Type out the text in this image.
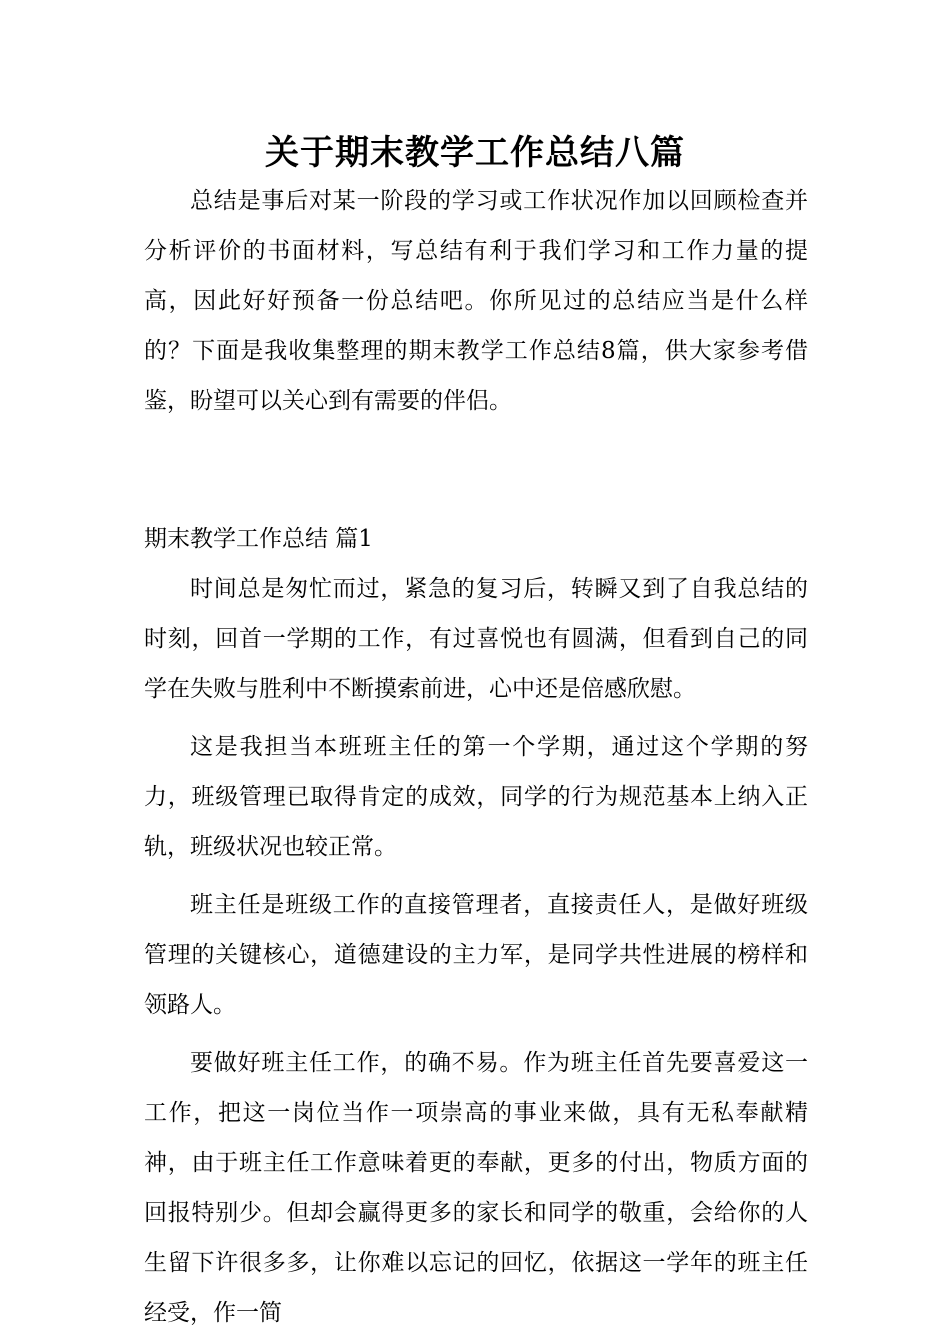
关于期末教学工作总结八篇

总结是事后对某一阶段的学习或工作状况作加以回顾检查并分析评价的书面材料，写总结有利于我们学习和工作力量的提高，因此好好预备一份总结吧。你所见过的总结应当是什么样的？下面是我收集整理的期末教学工作总结8篇，供大家参考借鉴，盼望可以关心到有需要的伴侣。

期末教学工作总结 篇1

时间总是匆忙而过，紧急的复习后，转瞬又到了自我总结的时刻，回首一学期的工作，有过喜悦也有圆满，但看到自己的同学在失败与胜利中不断摸索前进，心中还是倍感欣慰。

这是我担当本班班主任的第一个学期，通过这个学期的努力，班级管理已取得肯定的成效，同学的行为规范基本上纳入正轨，班级状况也较正常。

班主任是班级工作的直接管理者，直接责任人，是做好班级管理的关键核心，道德建设的主力军，是同学共性进展的榜样和领路人。

要做好班主任工作，的确不易。作为班主任首先要喜爱这一工作，把这一岗位当作一项崇高的事业来做，具有无私奉献精神，由于班主任工作意味着更的奉献，更多的付出，物质方面的回报特别少。但却会赢得更多的家长和同学的敬重，会给你的人生留下许很多多，让你难以忘记的回忆，依据这一学年的班主任经受，作一简
